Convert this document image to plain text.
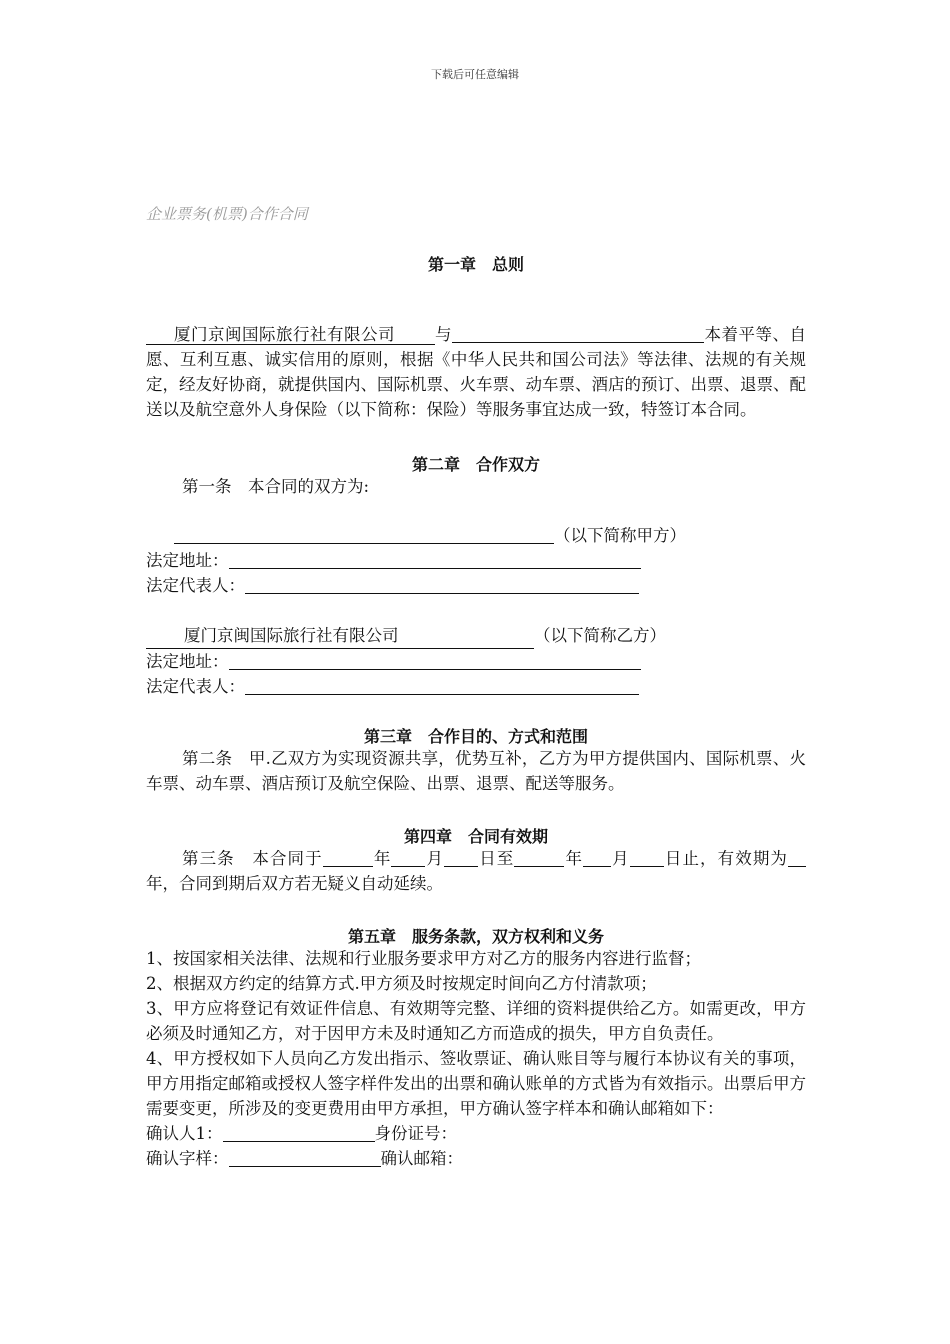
下载后可任意编辑
企业票务(机票)合作合同
第一章　总则

厦门京闽国际旅行社有限公司　　 与	本着平等、自愿、互利互惠、诚实信用的原则，根据《中华人民共和国公司法》等法律、法规的有关规定，经友好协商，就提供国内、国际机票、火车票、动车票、酒店的预订、出票、退票、配送以及航空意外人身保险（以下简称：保险）等服务事宜达成一致，特签订本合同。

第二章　合作双方

第一条　本合同的双方为:

（以下简称甲方）
法定地址：
法定代表人：
厦门京闽国际旅行社有限公司	（以下简称乙方）
法定地址：
法定代表人：
第三章　合作目的、方式和范围

第二条　甲.乙双方为实现资源共享，优势互补，乙方为甲方提供国内、国际机票、火车票、动车票、酒店预订及航空保险、出票、退票、配送等服务。

第四章　合同有效期

第三条　本合同于	年 月 日至	年 月 日止，有效期为年，合同到期后双方若无疑义自动延续。

第五章　服务条款，双方权利和义务

1、按国家相关法律、法规和行业服务要求甲方对乙方的服务内容进行监督；

2、根据双方约定的结算方式.甲方须及时按规定时间向乙方付清款项；

3、甲方应将登记有效证件信息、有效期等完整、详细的资料提供给乙方。如需更改，甲方必须及时通知乙方，对于因甲方未及时通知乙方而造成的损失，甲方自负责任。

4、甲方授权如下人员向乙方发出指示、签收票证、确认账目等与履行本协议有关的事项，甲方用指定邮箱或授权人签字样件发出的出票和确认账单的方式皆为有效指示。出票后甲方需要变更，所涉及的变更费用由甲方承担，甲方确认签字样本和确认邮箱如下：

确认人1：	身份证号：
确认字样：	确认邮箱：
